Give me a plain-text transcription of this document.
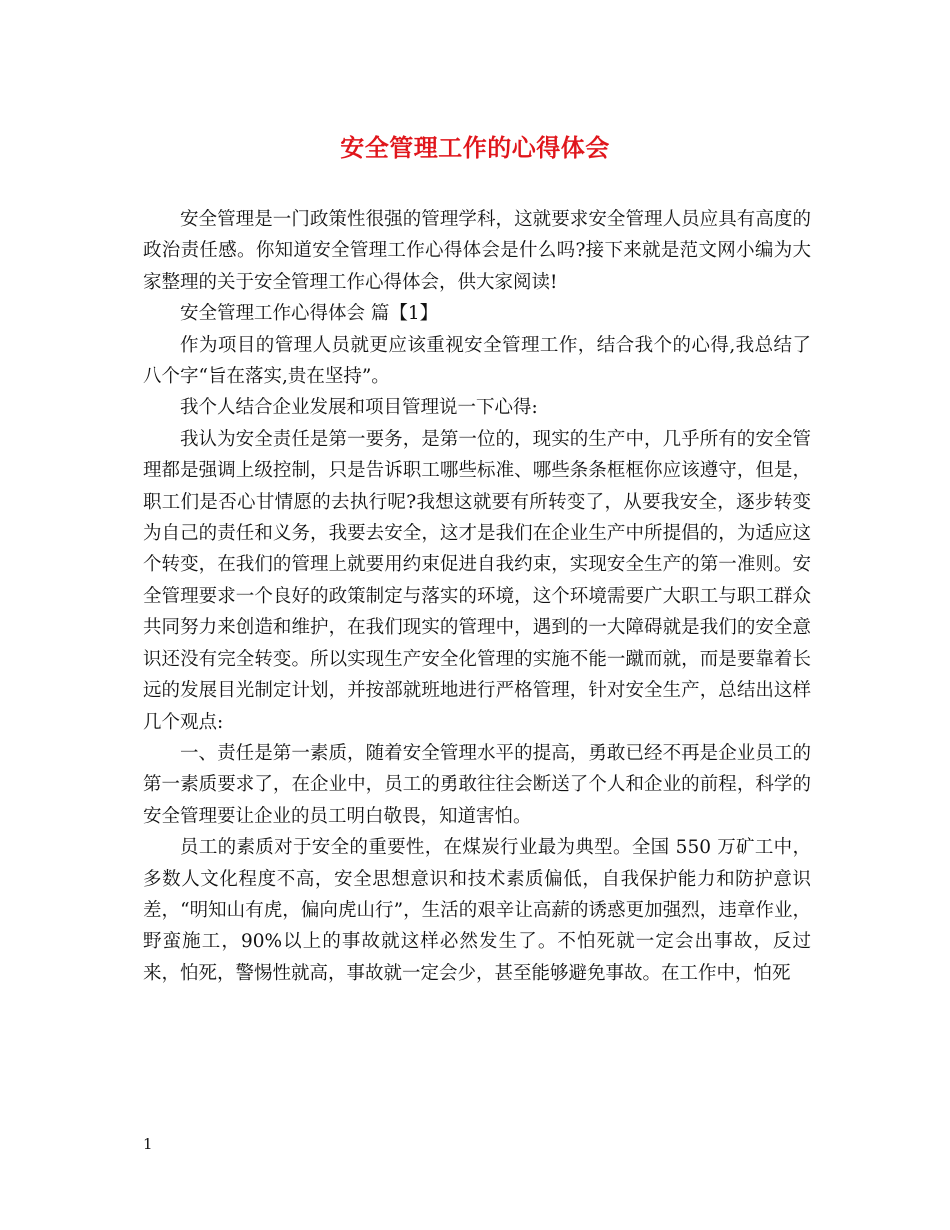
安全管理工作的心得体会

安全管理是一门政策性很强的管理学科，这就要求安全管理人员应具有高度的政治责任感。你知道安全管理工作心得体会是什么吗?接下来就是范文网小编为大家整理的关于安全管理工作心得体会，供大家阅读!

安全管理工作心得体会 篇【1】

作为项目的管理人员就更应该重视安全管理工作，结合我个的心得,我总结了八个字“旨在落实,贵在坚持”。

我个人结合企业发展和项目管理说一下心得:

我认为安全责任是第一要务，是第一位的，现实的生产中，几乎所有的安全管理都是强调上级控制，只是告诉职工哪些标准、哪些条条框框你应该遵守，但是，职工们是否心甘情愿的去执行呢?我想这就要有所转变了，从要我安全，逐步转变为自己的责任和义务，我要去安全，这才是我们在企业生产中所提倡的，为适应这个转变，在我们的管理上就要用约束促进自我约束，实现安全生产的第一准则。安全管理要求一个良好的政策制定与落实的环境，这个环境需要广大职工与职工群众共同努力来创造和维护，在我们现实的管理中，遇到的一大障碍就是我们的安全意识还没有完全转变。所以实现生产安全化管理的实施不能一蹴而就，而是要靠着长远的发展目光制定计划，并按部就班地进行严格管理，针对安全生产，总结出这样几个观点:

一、责任是第一素质，随着安全管理水平的提高，勇敢已经不再是企业员工的第一素质要求了，在企业中，员工的勇敢往往会断送了个人和企业的前程，科学的安全管理要让企业的员工明白敬畏，知道害怕。

员工的素质对于安全的重要性，在煤炭行业最为典型。全国 550 万矿工中，多数人文化程度不高，安全思想意识和技术素质偏低，自我保护能力和防护意识差，“明知山有虎，偏向虎山行”，生活的艰辛让高薪的诱惑更加强烈，违章作业，野蛮施工，90%以上的事故就这样必然发生了。不怕死就一定会出事故，反过来，怕死，警惕性就高，事故就一定会少，甚至能够避免事故。在工作中，怕死

1
